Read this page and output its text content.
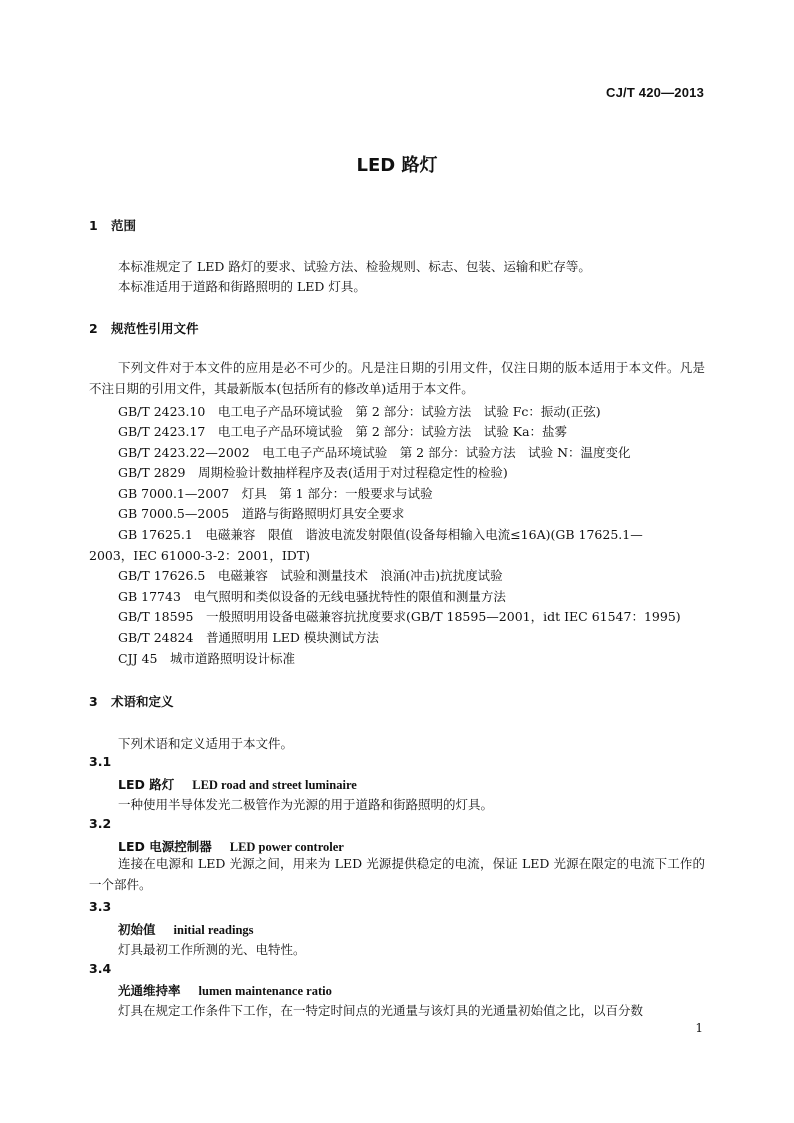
CJ/T 420—2013
LED 路灯
1 范围
本标准规定了 LED 路灯的要求、试验方法、检验规则、标志、包装、运输和贮存等。
本标准适用于道路和街路照明的 LED 灯具。
2 规范性引用文件
下列文件对于本文件的应用是必不可少的。凡是注日期的引用文件，仅注日期的版本适用于本文件。凡是不注日期的引用文件，其最新版本(包括所有的修改单)适用于本文件。
GB/T 2423.10　电工电子产品环境试验　第 2 部分：试验方法　试验 Fc：振动(正弦)
GB/T 2423.17　电工电子产品环境试验　第 2 部分：试验方法　试验 Ka：盐雾
GB/T 2423.22—2002　电工电子产品环境试验　第 2 部分：试验方法　试验 N：温度变化
GB/T 2829　周期检验计数抽样程序及表(适用于对过程稳定性的检验)
GB 7000.1—2007　灯具　第 1 部分：一般要求与试验
GB 7000.5—2005　道路与街路照明灯具安全要求
GB 17625.1　电磁兼容　限值　谐波电流发射限值(设备每相输入电流≤16A)(GB 17625.1—
2003，IEC 61000-3-2：2001，IDT)
GB/T 17626.5　电磁兼容　试验和测量技术　浪涌(冲击)抗扰度试验
GB 17743　电气照明和类似设备的无线电骚扰特性的限值和测量方法
GB/T 18595　一般照明用设备电磁兼容抗扰度要求(GB/T 18595—2001，idt IEC 61547：1995)
GB/T 24824　普通照明用 LED 模块测试方法
CJJ 45　城市道路照明设计标准
3 术语和定义
下列术语和定义适用于本文件。
3.1
LED 路灯 LED road and street luminaire
一种使用半导体发光二极管作为光源的用于道路和街路照明的灯具。
3.2
LED 电源控制器 LED power controler
连接在电源和 LED 光源之间，用来为 LED 光源提供稳定的电流，保证 LED 光源在限定的电流下工作的一个部件。
3.3
初始值 initial readings
灯具最初工作所测的光、电特性。
3.4
光通维持率 lumen maintenance ratio
灯具在规定工作条件下工作，在一特定时间点的光通量与该灯具的光通量初始值之比，以百分数
1
